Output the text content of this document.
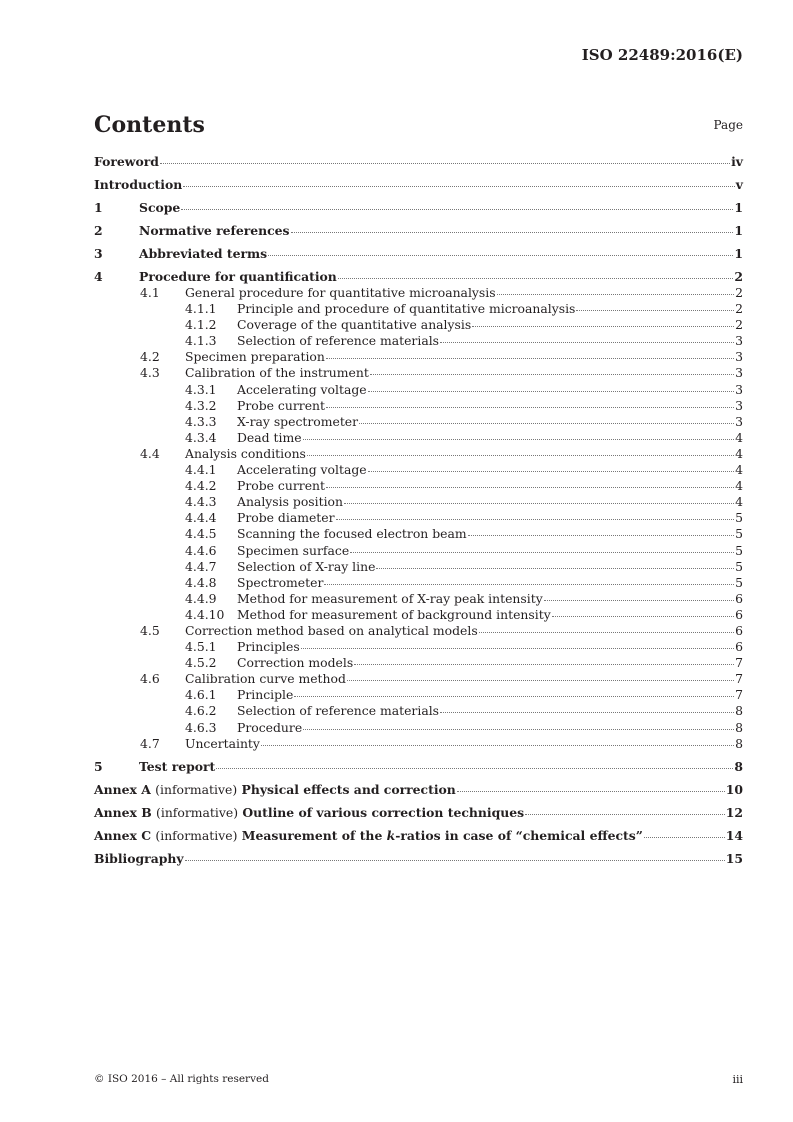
ISO 22489:2016(E)
Contents	Page
Foreword	iv
Introduction	v
1	Scope	1
2	Normative references	1
3	Abbreviated terms	1
4	Procedure for quantification	2
4.1	General procedure for quantitative microanalysis	2
4.1.1	Principle and procedure of quantitative microanalysis	2
4.1.2	Coverage of the quantitative analysis	2
4.1.3	Selection of reference materials	3
4.2	Specimen preparation	3
4.3	Calibration of the instrument	3
4.3.1	Accelerating voltage	3
4.3.2	Probe current	3
4.3.3	X-ray spectrometer	3
4.3.4	Dead time	4
4.4	Analysis conditions	4
4.4.1	Accelerating voltage	4
4.4.2	Probe current	4
4.4.3	Analysis position	4
4.4.4	Probe diameter	5
4.4.5	Scanning the focused electron beam	5
4.4.6	Specimen surface	5
4.4.7	Selection of X-ray line	5
4.4.8	Spectrometer	5
4.4.9	Method for measurement of X-ray peak intensity	6
4.4.10	Method for measurement of background intensity	6
4.5	Correction method based on analytical models	6
4.5.1	Principles	6
4.5.2	Correction models	7
4.6	Calibration curve method	7
4.6.1	Principle	7
4.6.2	Selection of reference materials	8
4.6.3	Procedure	8
4.7	Uncertainty	8
5	Test report	8
Annex A (informative) Physical effects and correction	10
Annex B (informative) Outline of various correction techniques	12
Annex C (informative) Measurement of the k-ratios in case of “chemical effects”	14
Bibliography	15
© ISO 2016 – All rights reserved	iii
